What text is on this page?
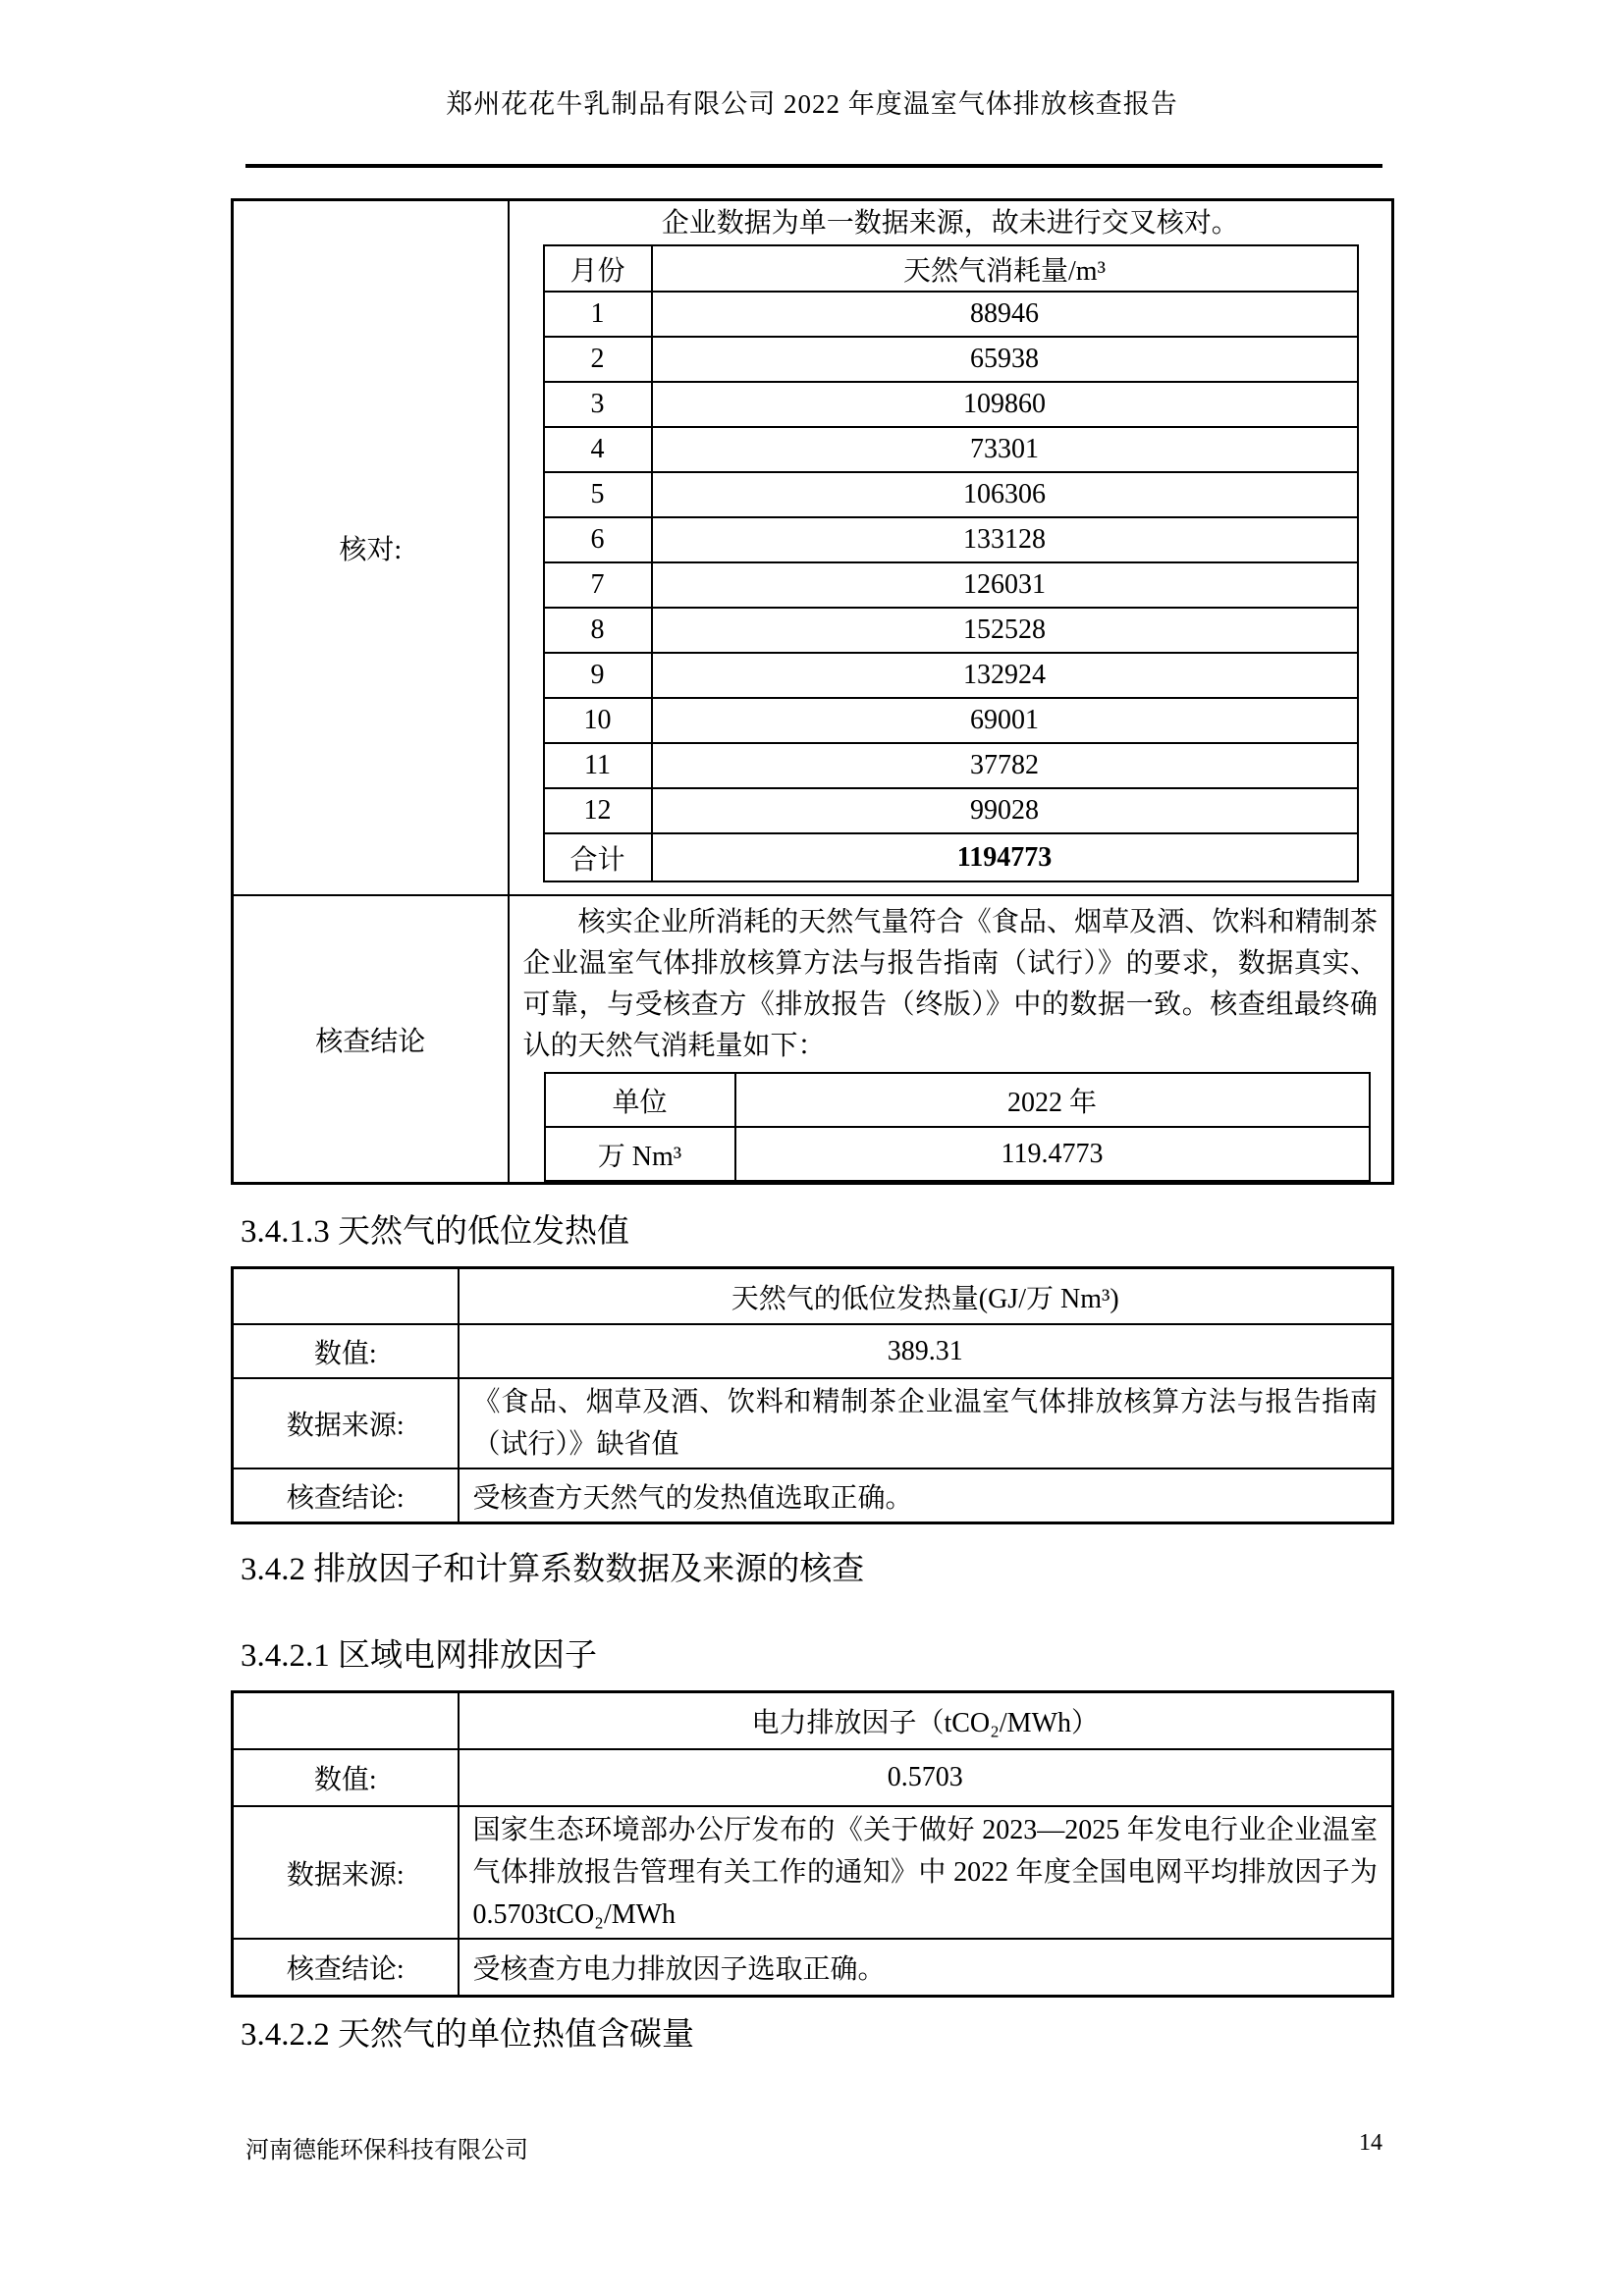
郑州花花牛乳制品有限公司 2022 年度温室气体排放核查报告
核对:	
企业数据为单一数据来源，故未进行交叉核对。
月份	天然气消耗量/m³
1	88946
2	65938
3	109860
4	73301
5	106306
6	133128
7	126031
8	152528
9	132924
10	69001
11	37782
12	99028
合计	1194773

核查结论	
核实企业所消耗的天然气量符合《食品、烟草及酒、饮料和精制茶企业温室气体排放核算方法与报告指南（试行）》的要求，数据真实、可靠，与受核查方《排放报告（终版）》中的数据一致。核查组最终确认的天然气消耗量如下：
单位	2022 年
万 Nm³	119.4773
3.4.1.3 天然气的低位发热值
	天然气的低位发热量(GJ/万 Nm³)
数值:	389.31
数据来源:	《食品、烟草及酒、饮料和精制茶企业温室气体排放核算方法与报告指南（试行）》缺省值
核查结论:	受核查方天然气的发热值选取正确。
3.4.2 排放因子和计算系数数据及来源的核查
3.4.2.1 区域电网排放因子
	电力排放因子（tCO₂/MWh）
数值:	0.5703
数据来源:	国家生态环境部办公厅发布的《关于做好 2023—2025 年发电行业企业温室气体排放报告管理有关工作的通知》中 2022 年度全国电网平均排放因子为 0.5703tCO₂/MWh
核查结论:	受核查方电力排放因子选取正确。
3.4.2.2 天然气的单位热值含碳量
河南德能环保科技有限公司	14
